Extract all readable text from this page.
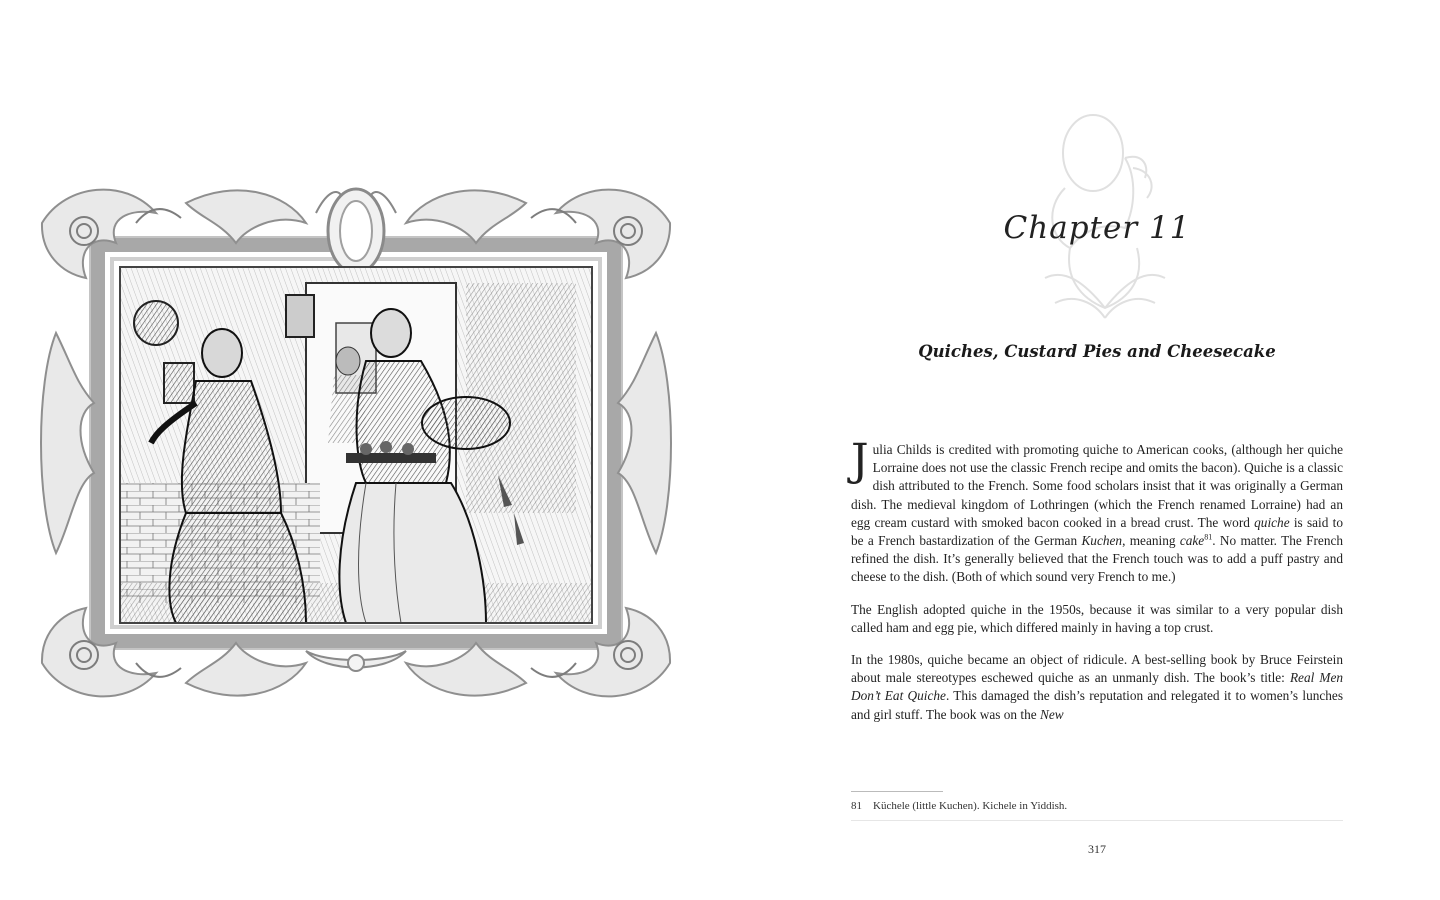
Chapter 11
Quiches, Custard Pies and Cheesecake

Julia Childs is credited with promoting quiche to American cooks, (although her quiche Lorraine does not use the classic French recipe and omits the bacon). Quiche is a classic dish attributed to the French. Some food scholars insist that it was originally a German dish. The medieval kingdom of Lothringen (which the French renamed Lorraine) had an egg cream custard with smoked bacon cooked in a bread crust. The word quiche is said to be a French bastardization of the German Kuchen, meaning cake$^{81}$. No matter. The French refined the dish. It’s generally believed that the French touch was to add a puff pastry and cheese to the dish. (Both of which sound very French to me.)

The English adopted quiche in the 1950s, because it was similar to a very popular dish called ham and egg pie, which differed mainly in having a top crust.

In the 1980s, quiche became an object of ridicule. A best-selling book by Bruce Feirstein about male stereotypes eschewed quiche as an unmanly dish. The book’s title: Real Men Don’t Eat Quiche. This damaged the dish’s reputation and relegated it to women’s lunches and girl stuff. The book was on the New

81 Küchele (little Kuchen). Kichele in Yiddish.
317
